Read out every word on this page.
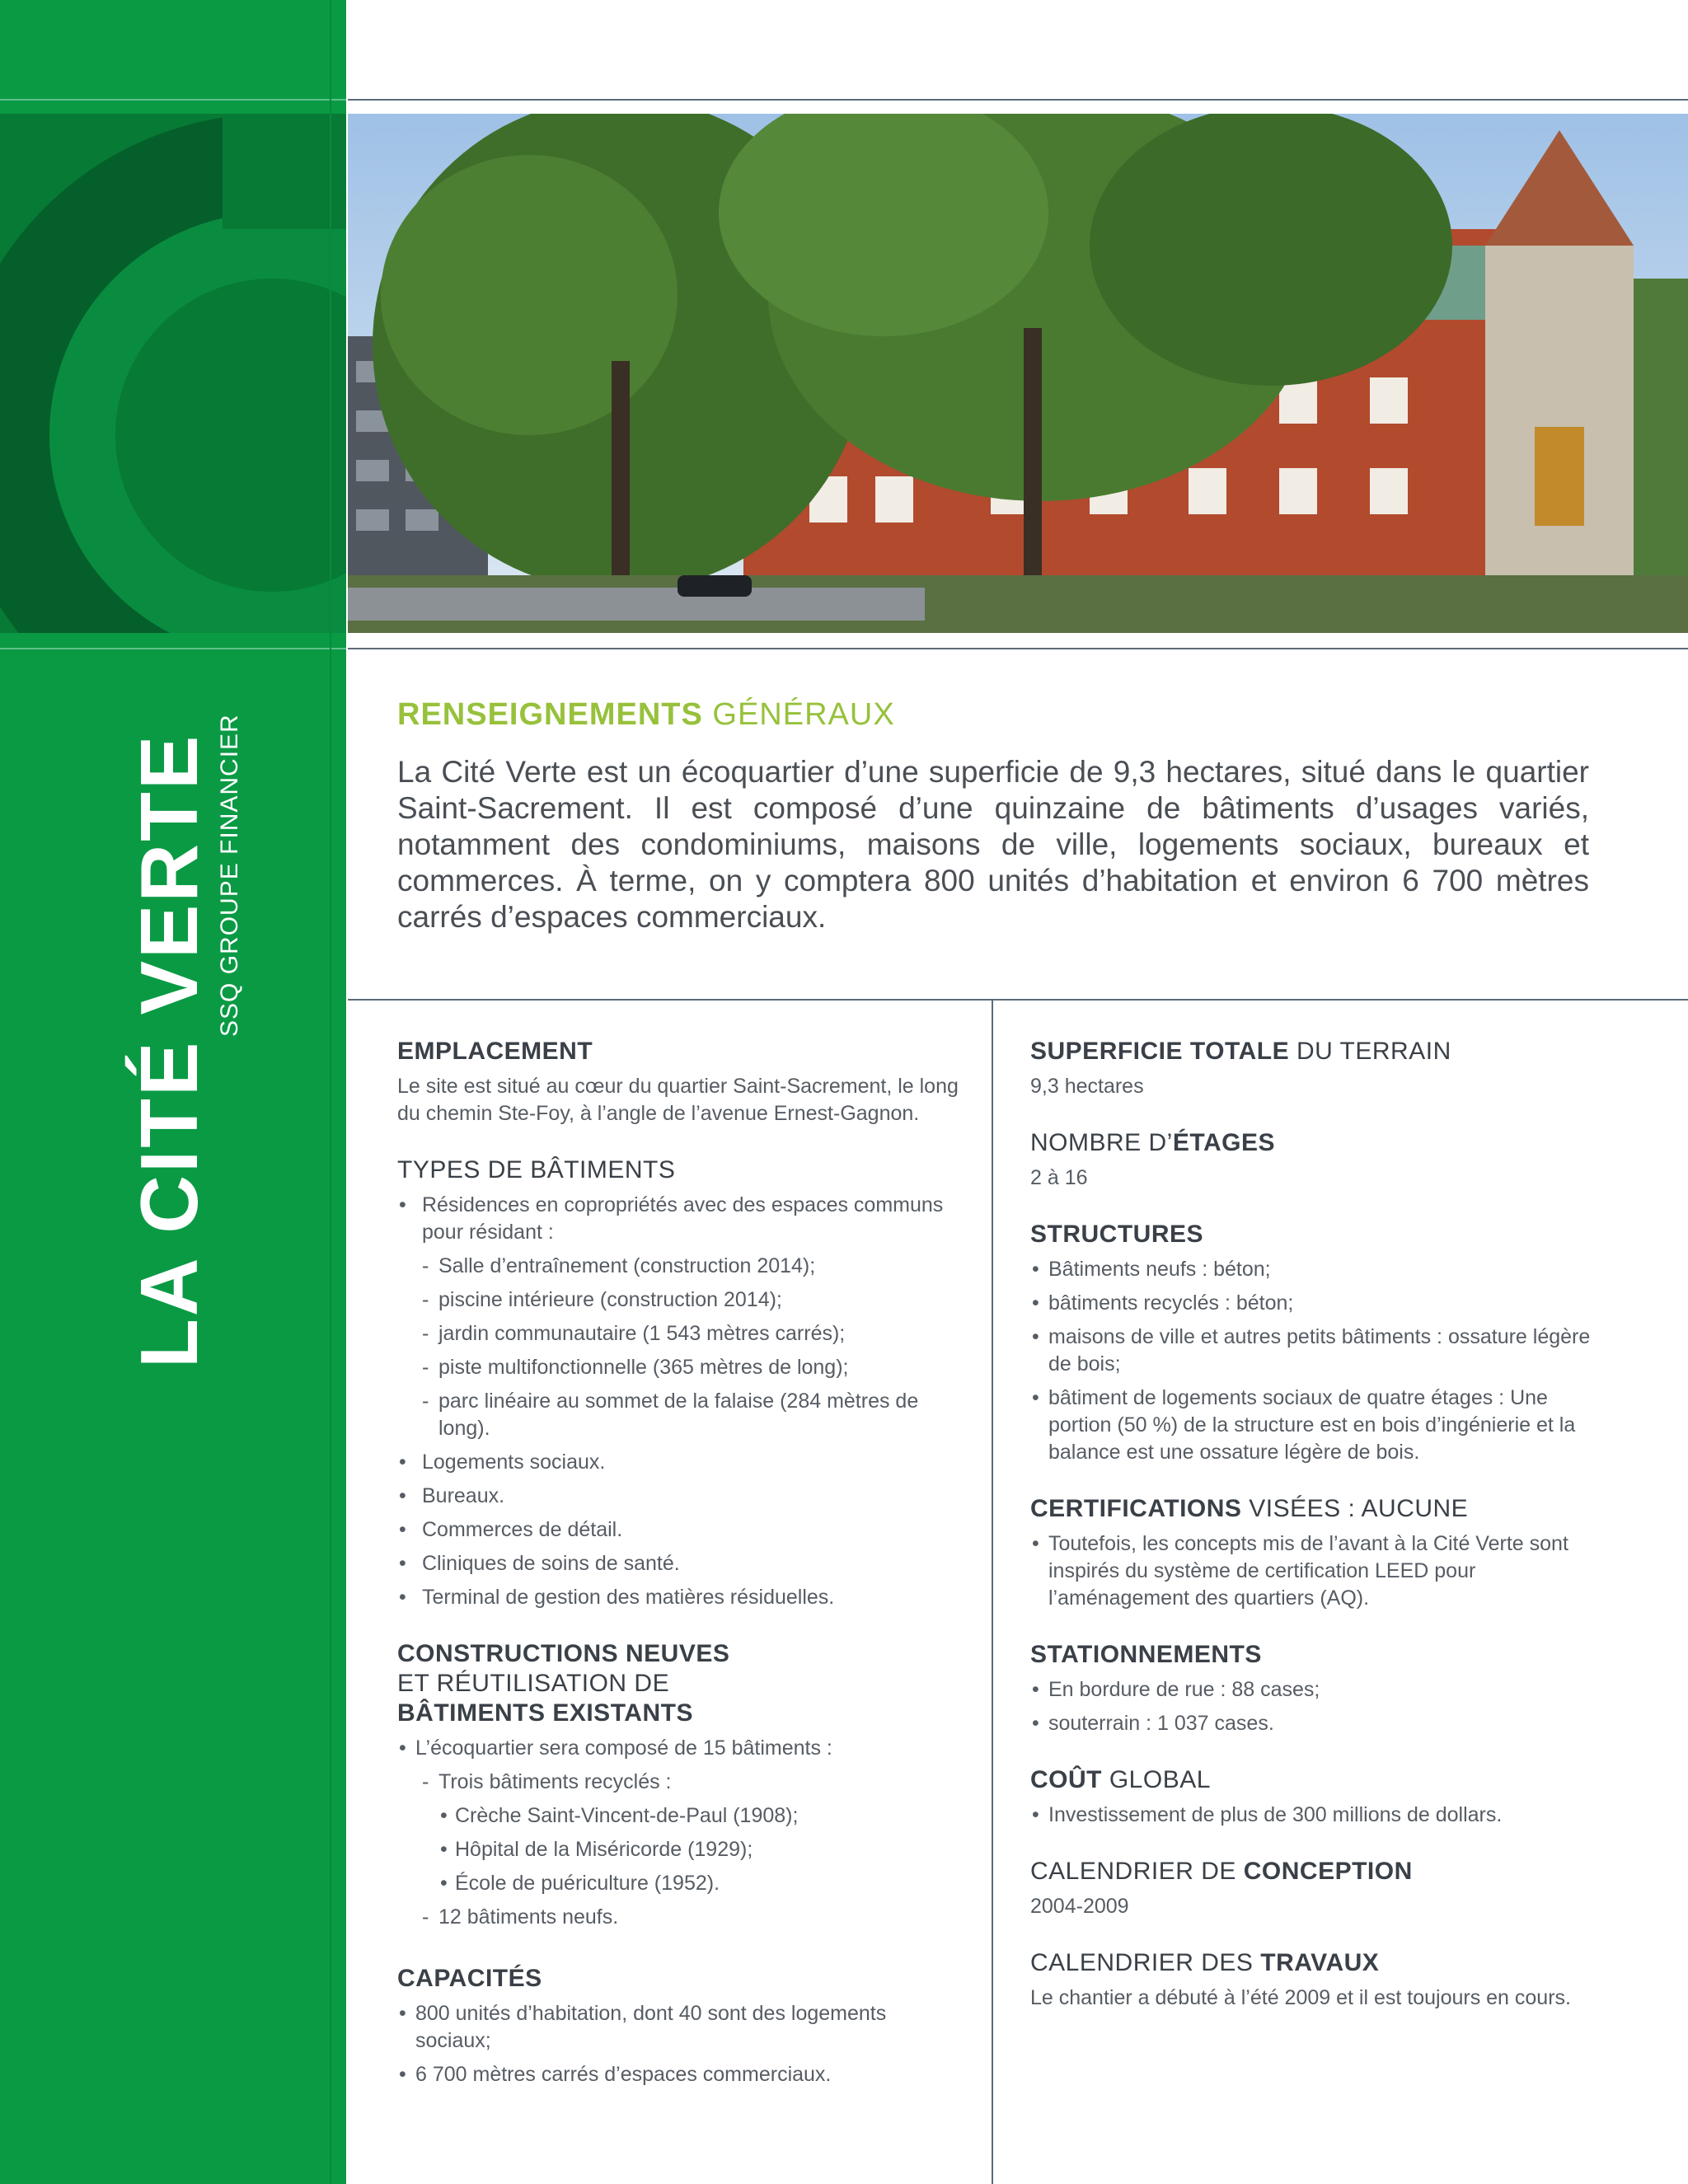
LA CITÉ VERTE SSQ GROUPE FINANCIER	RENSEIGNEMENTS GÉNÉRAUX
La Cité Verte est un écoquartier d’une superficie de 9,3 hectares, situé dans le quartier Saint-Sacrement. Il est composé d’une quinzaine de bâtiments d’usages variés, notamment des condominiums, maisons de ville, logements sociaux, bureaux et commerces. À terme, on y comptera 800 unités d’habitation et environ 6 700 mètres carrés d’espaces commerciaux.
EMPLACEMENT
Le site est situé au cœur du quartier Saint-Sacrement, le long du chemin Ste-Foy, à l’angle de l’avenue Ernest-Gagnon.
TYPES DE BÂTIMENTS
• Résidences en copropriétés avec des espaces communs pour résidant :
- Salle d’entraînement (construction 2014);
- piscine intérieure (construction 2014);
- jardin communautaire (1 543 mètres carrés);
- piste multifonctionnelle (365 mètres de long);
- parc linéaire au sommet de la falaise (284 mètres de long).
• Logements sociaux.
• Bureaux.
• Commerces de détail.
• Cliniques de soins de santé.
• Terminal de gestion des matières résiduelles.
CONSTRUCTIONS NEUVES
ET RÉUTILISATION DE
BÂTIMENTS EXISTANTS
• L’écoquartier sera composé de 15 bâtiments :
- Trois bâtiments recyclés :
• Crèche Saint-Vincent-de-Paul (1908);
• Hôpital de la Miséricorde (1929);
• École de puériculture (1952).
- 12 bâtiments neufs.
CAPACITÉS
• 800 unités d’habitation, dont 40 sont des logements sociaux;
• 6 700 mètres carrés d’espaces commerciaux.
SUPERFICIE TOTALE DU TERRAIN
9,3 hectares
NOMBRE D’ÉTAGES
2 à 16
STRUCTURES
• Bâtiments neufs : béton;
• bâtiments recyclés : béton;
• maisons de ville et autres petits bâtiments : ossature légère de bois;
• bâtiment de logements sociaux de quatre étages : Une portion (50 %) de la structure est en bois d’ingénierie et la balance est une ossature légère de bois.
CERTIFICATIONS VISÉES : AUCUNE
• Toutefois, les concepts mis de l’avant à la Cité Verte sont inspirés du système de certification LEED pour l’aménagement des quartiers (AQ).
STATIONNEMENTS
• En bordure de rue : 88 cases;
• souterrain : 1 037 cases.
COÛT GLOBAL
• Investissement de plus de 300 millions de dollars.
CALENDRIER DE CONCEPTION
2004-2009
CALENDRIER DES TRAVAUX
Le chantier a débuté à l’été 2009 et il est toujours en cours.
